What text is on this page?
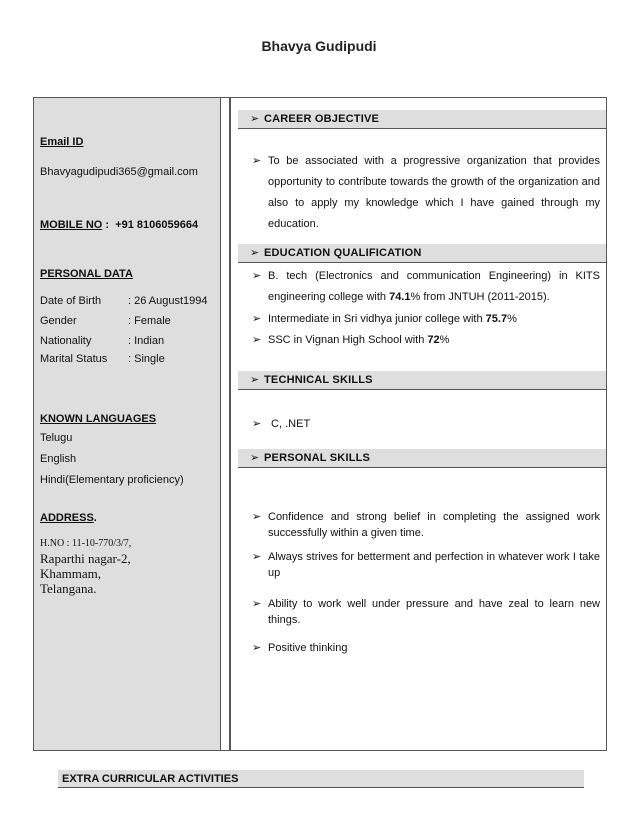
Bhavya Gudipudi
Email ID
Bhavyagudipudi365@gmail.com
MOBILE NO :  +91 8106059664
PERSONAL DATA
Date of Birth : 26 August1994
Gender	: Female
Nationality	: Indian
Marital Status : Single
KNOWN LANGUAGES
Telugu
English
Hindi(Elementary proficiency)
ADDRESS.
H.NO : 11-10-770/3/7,
Raparthi nagar-2,
Khammam,
Telangana.
➢ CAREER OBJECTIVE
➢ To be associated with a progressive organization that provides opportunity to contribute towards the growth of the organization and also to apply my knowledge which I have gained through my education.
➢ EDUCATION QUALIFICATION
➢ B. tech (Electronics and communication Engineering) in KITS engineering college with 74.1% from JNTUH (2011-2015).
➢ Intermediate in Sri vidhya junior college with 75.7%
➢ SSC in Vignan High School with 72%
➢ TECHNICAL SKILLS
➢ C, .NET
➢ PERSONAL SKILLS
➢ Confidence and strong belief in completing the assigned work successfully within a given time.
➢ Always strives for betterment and perfection in whatever work I take up
➢ Ability to work well under pressure and have zeal to learn new things.
➢ Positive thinking
EXTRA CURRICULAR ACTIVITIES
